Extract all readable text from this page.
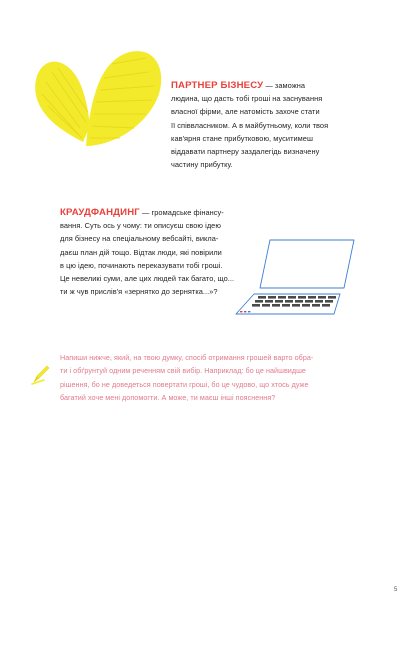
ПАРТНЕР БІЗНЕСУ — заможна

людина, що дасть тобі гроші на заснування

власної фірми, але натомість захоче стати

її співвласником. А в майбутньому, коли твоя

кав'ярня стане прибутковою, муситимеш

віддавати партнеру заздалегідь визначену

частину прибутку.

КРАУДФАНДИНГ — громадське фінансу-

вання. Суть ось у чому: ти описуєш свою ідею

для бізнесу на спеціальному вебсайті, викла-

даєш план дій тощо. Відтак люди, які повірили

в цю ідею, починають переказувати тобі гроші.

Це невеликі суми, але цих людей так багато, що...

ти ж чув прислів'я «зернятко до зернятка...»?

Напиши нижче, який, на твою думку, спосіб отримання грошей варто обра-

ти і обґрунтуй одним реченням свій вибір. Наприклад: бо це найшвидше

рішення, бо не доведеться повертати гроші, бо це чудово, що хтось дуже

багатий хоче мені допомогти. А може, ти маєш інші пояснення?

5
